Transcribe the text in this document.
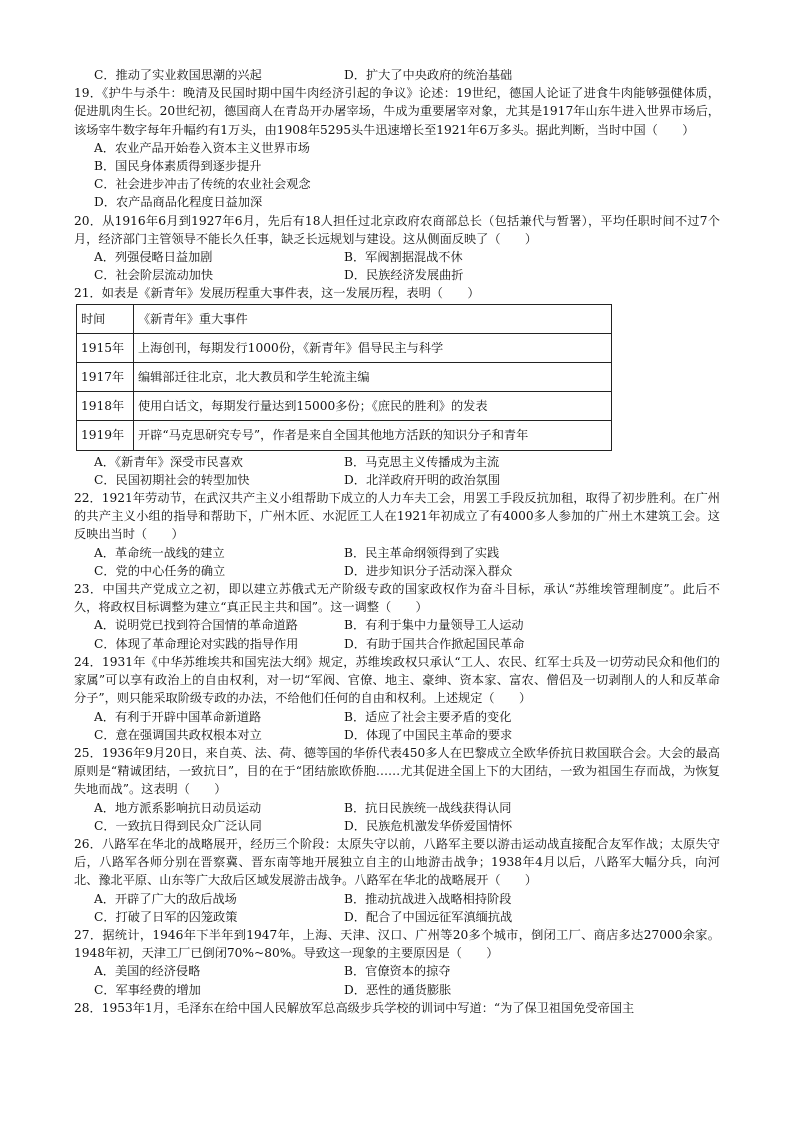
C．推动了实业救国思潮的兴起	D．扩大了中央政府的统治基础

19．《护牛与杀牛：晚清及民国时期中国牛肉经济引起的争议》论述：19世纪，德国人论证了进食牛肉能够强健体质，促进肌肉生长。20世纪初，德国商人在青岛开办屠宰场，牛成为重要屠宰对象，尤其是1917年山东牛进入世界市场后，该场宰牛数字每年升幅约有1万头，由1908年5295头牛迅速增长至1921年6万多头。据此判断，当时中国（　　）

A．农业产品开始卷入资本主义世界市场
B．国民身体素质得到逐步提升
C．社会进步冲击了传统的农业社会观念
D．农产品商品化程度日益加深

20．从1916年6月到1927年6月，先后有18人担任过北京政府农商部总长（包括兼代与暂署），平均任职时间不过7个月，经济部门主管领导不能长久任事，缺乏长远规划与建设。这从侧面反映了（　　）

A．列强侵略日益加剧	B．军阀割据混战不休
C．社会阶层流动加快	D．民族经济发展曲折

21．如表是《新青年》发展历程重大事件表，这一发展历程，表明（　　）

时间	《新青年》重大事件
1915年	上海创刊，每期发行1000份，《新青年》倡导民主与科学
1917年	编辑部迁往北京，北大教员和学生轮流主编
1918年	使用白话文，每期发行量达到15000多份；《庶民的胜利》的发表
1919年	开辟“马克思研究专号”，作者是来自全国其他地方活跃的知识分子和青年
A．《新青年》深受市民喜欢	B．马克思主义传播成为主流
C．民国初期社会的转型加快	D．北洋政府开明的政治氛围

22．1921年劳动节，在武汉共产主义小组帮助下成立的人力车夫工会，用罢工手段反抗加租，取得了初步胜利。在广州的共产主义小组的指导和帮助下，广州木匠、水泥匠工人在1921年初成立了有4000多人参加的广州土木建筑工会。这反映出当时（　　）

A．革命统一战线的建立	B．民主革命纲领得到了实践
C．党的中心任务的确立	D．进步知识分子活动深入群众

23．中国共产党成立之初，即以建立苏俄式无产阶级专政的国家政权作为奋斗目标，承认“苏维埃管理制度”。此后不久，将政权目标调整为建立“真正民主共和国”。这一调整（　　）

A．说明党已找到符合国情的革命道路	B．有利于集中力量领导工人运动
C．体现了革命理论对实践的指导作用	D．有助于国共合作掀起国民革命

24．1931年《中华苏维埃共和国宪法大纲》规定，苏维埃政权只承认“工人、农民、红军士兵及一切劳动民众和他们的家属”可以享有政治上的自由权利，对一切“军阀、官僚、地主、豪绅、资本家、富农、僧侣及一切剥削人的人和反革命分子”，则只能采取阶级专政的办法，不给他们任何的自由和权利。上述规定（　　）

A．有利于开辟中国革命新道路	B．适应了社会主要矛盾的变化
C．意在强调国共政权根本对立	D．体现了中国民主革命的要求

25．1936年9月20日，来自英、法、荷、德等国的华侨代表450多人在巴黎成立全欧华侨抗日救国联合会。大会的最高原则是“精诚团结，一致抗日”，目的在于“团结旅欧侨胞……尤其促进全国上下的大团结，一致为祖国生存而战，为恢复失地而战”。这表明（　　）

A．地方派系影响抗日动员运动	B．抗日民族统一战线获得认同
C．一致抗日得到民众广泛认同	D．民族危机激发华侨爱国情怀

26．八路军在华北的战略展开，经历三个阶段：太原失守以前，八路军主要以游击运动战直接配合友军作战；太原失守后，八路军各师分别在晋察冀、晋东南等地开展独立自主的山地游击战争；1938年4月以后，八路军大幅分兵，向河北、豫北平原、山东等广大敌后区域发展游击战争。八路军在华北的战略展开（　　）

A．开辟了广大的敌后战场	B．推动抗战进入战略相持阶段
C．打破了日军的囚笼政策	D．配合了中国远征军滇缅抗战

27．据统计，1946年下半年到1947年，上海、天津、汉口、广州等20多个城市，倒闭工厂、商店多达27000余家。1948年初，天津工厂已倒闭70%~80%。导致这一现象的主要原因是（　　）

A．美国的经济侵略	B．官僚资本的掠夺
C．军事经费的增加	D．恶性的通货膨胀

28．1953年1月，毛泽东在给中国人民解放军总高级步兵学校的训词中写道：“为了保卫祖国免受帝国主
